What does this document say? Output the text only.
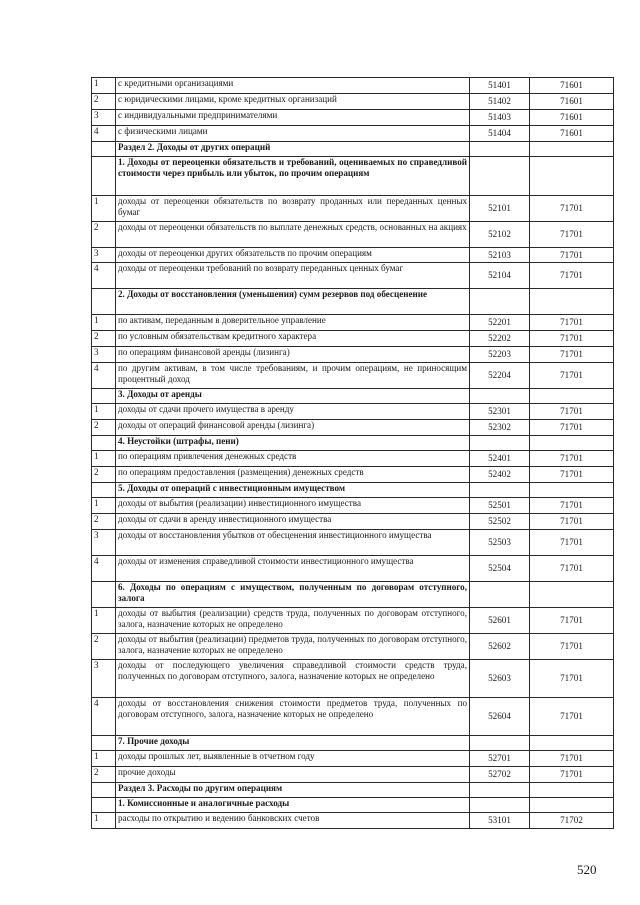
1	с кредитными организациями	51401	71601
2	с юридическими лицами, кроме кредитных организаций	51402	71601
3	с индивидуальными предпринимателями	51403	71601
4	с физическими лицами	51404	71601
	Раздел 2. Доходы от других операций		
	1. Доходы от переоценки обязательств и требований, оцениваемых по справедливой стоимости через прибыль или убыток, по прочим операциям		
1	доходы от переоценки обязательств по возврату проданных или переданных ценных бумаг	52101	71701
2	доходы от переоценки обязательств по выплате денежных средств, основанных на акциях	52102	71701
3	доходы от переоценки других обязательств по прочим операциям	52103	71701
4	доходы от переоценки требований по возврату переданных ценных бумаг	52104	71701
	2. Доходы от восстановления (уменьшения) сумм резервов под обесценение		
1	по активам, переданным в доверительное управление	52201	71701
2	по условным обязательствам кредитного характера	52202	71701
3	по операциям финансовой аренды (лизинга)	52203	71701
4	по другим активам, в том числе требованиям, и прочим операциям, не приносящим процентный доход	52204	71701
	3. Доходы от аренды		
1	доходы от сдачи прочего имущества в аренду	52301	71701
2	доходы от операций финансовой аренды (лизинга)	52302	71701
	4. Неустойки (штрафы, пени)		
1	по операциям привлечения денежных средств	52401	71701
2	по операциям предоставления (размещения) денежных средств	52402	71701
	5. Доходы от операций с инвестиционным имуществом		
1	доходы от выбытия (реализации) инвестиционного имущества	52501	71701
2	доходы от сдачи в аренду инвестиционного имущества	52502	71701
3	доходы от восстановления убытков от обесценения инвестиционного имущества	52503	71701
4	доходы от изменения справедливой стоимости инвестиционного имущества	52504	71701
	6. Доходы по операциям с имуществом, полученным по договорам отступного, залога		
1	доходы от выбытия (реализации) средств труда, полученных по договорам отступного, залога, назначение которых не определено	52601	71701
2	доходы от выбытия (реализации) предметов труда, полученных по договорам отступного, залога, назначение которых не определено	52602	71701
3	доходы от последующего увеличения справедливой стоимости средств труда, полученных по договорам отступного, залога, назначение которых не определено	52603	71701
4	доходы от восстановления снижения стоимости предметов труда, полученных по договорам отступного, залога, назначение которых не определено	52604	71701
	7. Прочие доходы		
1	доходы прошлых лет, выявленные в отчетном году	52701	71701
2	прочие доходы	52702	71701
	Раздел 3. Расходы по другим операциям		
	1. Комиссионные и аналогичные расходы		
1	расходы по открытию и ведению банковских счетов	53101	71702
520
